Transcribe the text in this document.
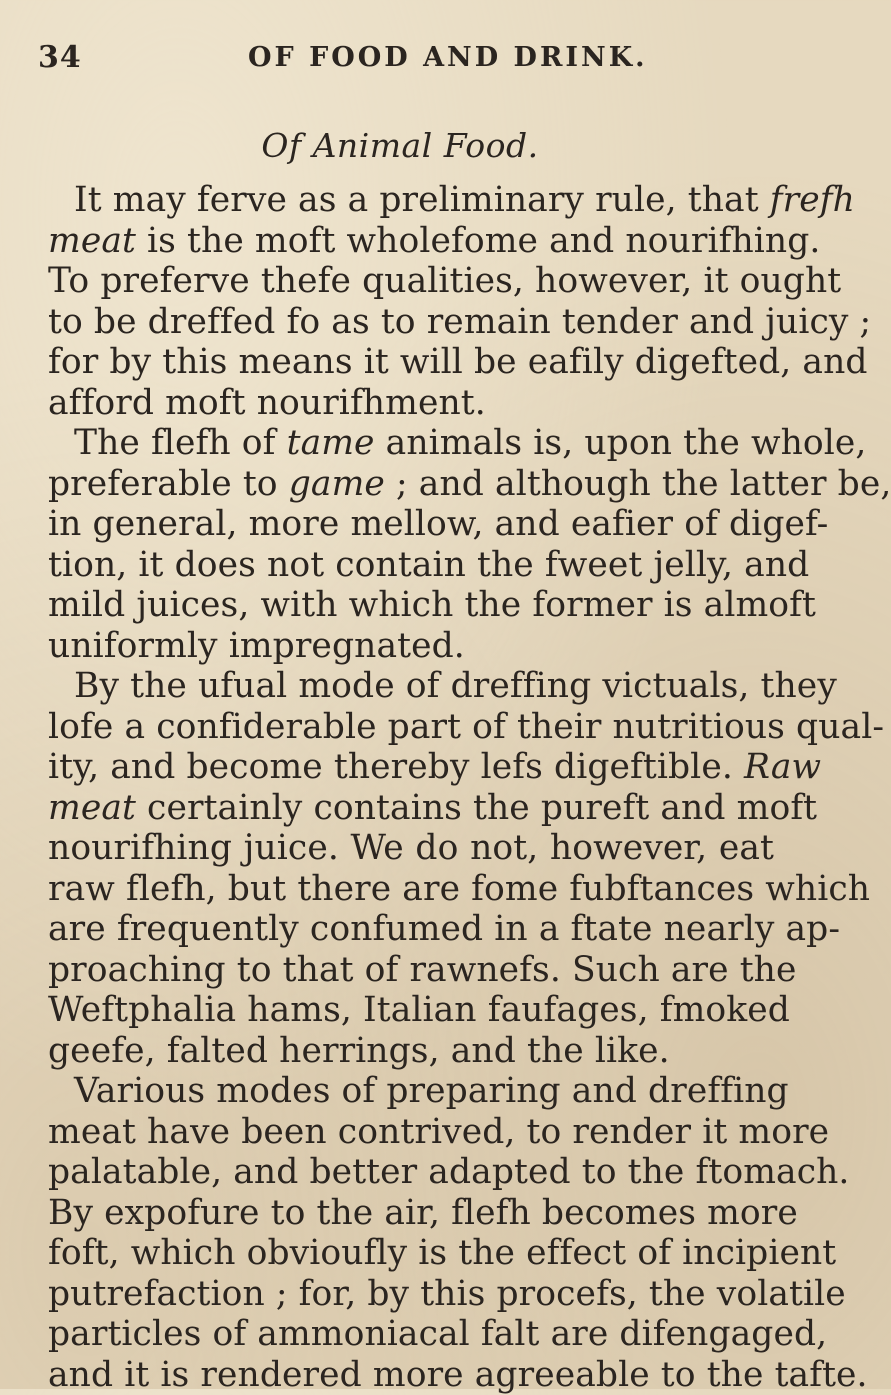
34	OF FOOD AND DRINK.
Of Animal Food.
It may ferve as a preliminary rule, that frefh
meat is the moft wholefome and nourifhing.
To preferve thefe qualities, however, it ought
to be dreffed fo as to remain tender and juicy ;
for by this means it will be eafily digefted, and
afford moft nourifhment.
The flefh of tame animals is, upon the whole,
preferable to game ; and although the latter be,
in general, more mellow, and eafier of digef-
tion, it does not contain the fweet jelly, and
mild juices, with which the former is almoft
uniformly impregnated.
By the ufual mode of dreffing victuals, they
lofe a confiderable part of their nutritious qual-
ity, and become thereby lefs digeftible. Raw
meat certainly contains the pureft and moft
nourifhing juice. We do not, however, eat
raw flefh, but there are fome fubftances which
are frequently confumed in a ftate nearly ap-
proaching to that of rawnefs. Such are the
Weftphalia hams, Italian faufages, fmoked
geefe, falted herrings, and the like.
Various modes of preparing and dreffing
meat have been contrived, to render it more
palatable, and better adapted to the ftomach.
By expofure to the air, flefh becomes more
foft, which obvioufly is the effect of incipient
putrefaction ; for, by this procefs, the volatile
particles of ammoniacal falt are difengaged,
and it is rendered more agreeable to the tafte.
